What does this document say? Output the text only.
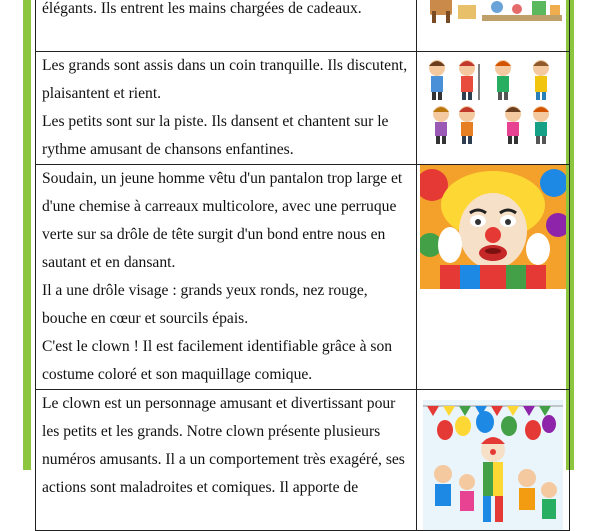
élégants. Ils entrent les mains chargées de cadeaux.

Les grands sont assis dans un coin tranquille. Ils discutent, plaisantent et rient.

Les petits sont sur la piste. Ils dansent et chantent sur le rythme amusant de chansons enfantines.

Soudain, un jeune homme vêtu d'un pantalon trop large et d'une chemise à carreaux multicolore, avec une perruque verte sur sa drôle de tête surgit d'un bond entre nous en sautant et en dansant.

Il a une drôle visage : grands yeux ronds, nez rouge, bouche en cœur et sourcils épais.

C'est le clown ! Il est facilement identifiable grâce à son costume coloré et son maquillage comique.

Le clown est un personnage amusant et divertissant pour les petits et les grands. Notre clown présente plusieurs numéros amusants. Il a un comportement très exagéré, ses actions sont maladroites et comiques. Il apporte de
